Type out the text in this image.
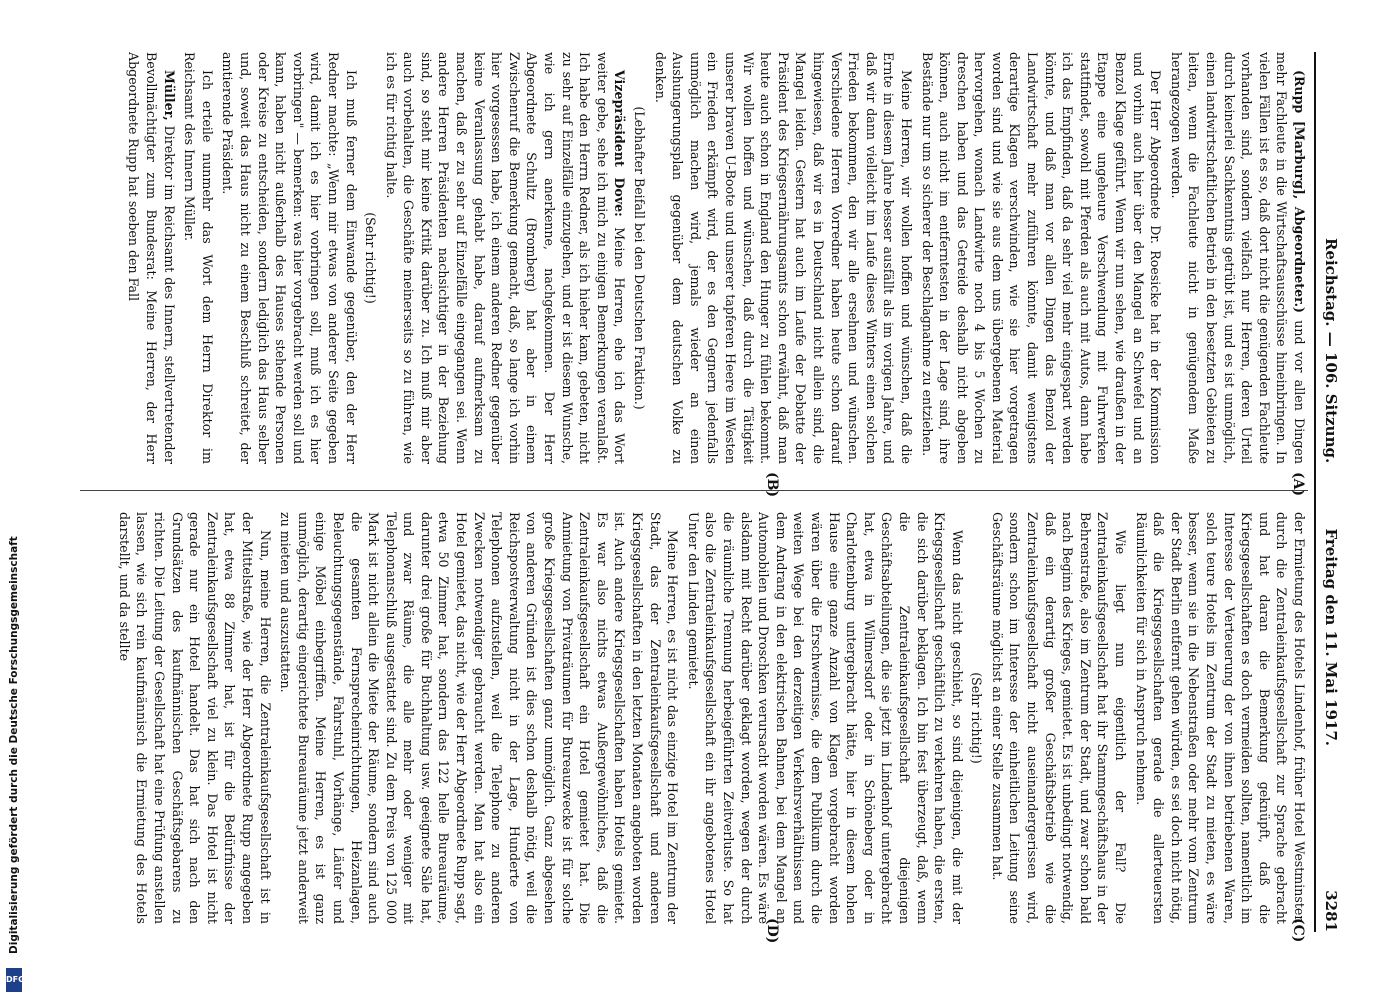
Reichstag. — 106. Sitzung. Freitag den 11. Mai 1917.
3281

(Rupp [Marburg], Abgeordneter.) und vor allen Dingen mehr Fachleute in die Wirtschaftsausschüsse hineinbringen. In vielen Fällen ist es so, daß dort nicht die genügenden Fachleute vorhanden sind, sondern vielfach nur Herren, deren Urteil durch keinerlei Sachkenntnis getrübt ist, und es ist unmöglich, einen landwirtschaftlichen Betrieb in den besetzten Gebieten zu leiten, wenn die Fachleute nicht in genügendem Maße herangezogen werden.

Der Herr Abgeordnete Dr. Roesicke hat in der Kommission und vorhin auch hier über den Mangel an Schwefel und an Benzol Klage geführt. Wenn wir nun sehen, wie draußen in der Etappe eine ungeheure Verschwendung mit Fuhrwerken stattfindet, sowohl mit Pferden als auch mit Autos, dann habe ich das Empfinden, daß da sehr viel mehr eingespart werden könnte, und daß man vor allen Dingen das Benzol der Landwirtschaft mehr zuführen könnte, damit wenigstens derartige Klagen verschwinden, wie sie hier vorgetragen worden sind und wie sie aus dem uns übergebenen Material hervorgehen, wonach Landwirte noch 4 bis 5 Wochen zu dreschen haben und das Getreide deshalb nicht abgeben können, auch nicht im entferntesten in der Lage sind, ihre Bestände nur um so sicherer der Beschlagnahme zu entziehen.

Meine Herren, wir wollen hoffen und wünschen, daß die Ernte in diesem Jahre besser ausfällt als im vorigen Jahre, und daß wir dann vielleicht im Laufe dieses Winters einen solchen Frieden bekommen, den wir alle ersehnen und wünschen. Verschiedene Herren Vorredner haben heute schon darauf hingewiesen, daß wir es in Deutschland nicht allein sind, die Mangel leiden. Gestern hat auch im Laufe der Debatte der Präsident des Kriegsernährungsamts schon erwähnt, daß man heute auch schon in England den Hunger zu fühlen bekommt. Wir wollen hoffen und wünschen, daß durch die Tätigkeit unserer braven U-Boote und unserer tapferen Heere im Westen ein Frieden erkämpft wird, der es den Gegnern jedenfalls unmöglich machen wird, jemals wieder an einen Aushungerungsplan gegenüber dem deutschen Volke zu denken.

(Lebhafter Beifall bei den Deutschen Fraktion.)

Vizepräsident Dove: Meine Herren, ehe ich das Wort weiter gebe, sehe ich mich zu einigen Bemerkungen veranlaßt. Ich habe den Herrn Redner, als ich hieher kam, gebeten, nicht zu sehr auf Einzelfälle einzugehen, und er ist diesem Wunsche, wie ich gern anerkenne, nachgekommen. Der Herr Abgeordnete Schultz (Bromberg) hat aber in einem Zwischenruf die Bemerkung gemacht, daß, so lange ich vorhin hier vorgesessen habe, ich einem anderen Redner gegenüber keine Veranlassung gehabt habe, darauf aufmerksam zu machen, daß er zu sehr auf Einzelfälle eingegangen sei. Wenn andere Herren Präsidenten nachsichtiger in der Beziehung sind, so steht mir keine Kritik darüber zu. Ich muß mir aber auch vorbehalten, die Geschäfte meinerseits so zu führen, wie ich es für richtig halte.

(Sehr richtig!)

Ich muß ferner dem Einwande gegenüber, den der Herr Redner machte: „Wenn mir etwas von anderer Seite gegeben wird, damit ich es hier vorbringen soll, muß ich es hier vorbringen" — bemerken: was hier vorgebracht werden soll und kann, haben nicht außerhalb des Hauses stehende Personen oder Kreise zu entscheiden, sondern lediglich das Haus selber und, soweit das Haus nicht zu einem Beschluß schreitet, der amtierende Präsident.

Ich erteile nunmehr das Wort dem Herrn Direktor im Reichsamt des Innern Müller.

Müller, Direktor im Reichsamt des Innern, stellvertretender Bevollmächtigter zum Bundesrat: Meine Herren, der Herr Abgeordnete Rupp hat soeben den Fall

der Ermietung des Hotels Lindenhof, früher Hotel Westminster, durch die Zentraleinkaufsgesellschaft zur Sprache gebracht und hat daran die Bemerkung geknüpft, daß die Kriegsgesellschaften es doch vermeiden sollten, namentlich im Interesse der Verteuerung der von ihnen betriebenen Waren, solch teure Hotels im Zentrum der Stadt zu mieten, es wäre besser, wenn sie in die Nebenstraßen oder mehr vom Zentrum der Stadt Berlin entfernt gehen würden, es sei doch nicht nötig, daß die Kriegsgesellschaften gerade die allerteuersten Räumlichkeiten für sich in Anspruch nehmen.

Wie liegt nun eigentlich der Fall? Die Zentraleinkaufsgesellschaft hat ihr Stammgeschäftshaus in der Behrenstraße, also im Zentrum der Stadt, und zwar schon bald nach Beginn des Krieges, gemietet. Es ist unbedingt notwendig, daß ein derartig großer Geschäftsbetrieb wie die Zentraleinkaufsgesellschaft nicht auseinandergerissen wird, sondern schon im Interesse der einheitlichen Leitung seine Geschäftsräume möglichst an einer Stelle zusammen hat.

(Sehr richtig!)

Wenn das nicht geschieht, so sind diejenigen, die mit der Kriegsgesellschaft geschäftlich zu verkehren haben, die ersten, die sich darüber beklagen. Ich bin fest überzeugt, daß, wenn die Zentraleinkaufsgesellschaft diejenigen Geschäftsabteilungen, die sie jetzt im Lindenhof untergebracht hat, etwa in Wilmersdorf oder in Schöneberg oder in Charlottenburg untergebracht hätte, hier in diesem hohen Hause eine ganze Anzahl von Klagen vorgebracht worden wären über die Erschwernisse, die dem Publikum durch die weiten Wege bei den derzeitigen Verkehrsverhältnissen und dem Andrang in den elektrischen Bahnen, bei dem Mangel an Automobilen und Droschken verursacht worden wären. Es wäre alsdann mit Recht darüber geklagt worden, wegen der durch die räumliche Trennung herbeigeführten Zeitverluste. So hat also die Zentraleinkaufsgesellschaft ein ihr angebotenes Hotel Unter den Linden gemietet.

Meine Herren, es ist nicht das einzige Hotel im Zentrum der Stadt, das der Zentraleinkaufsgesellschaft und anderen Kriegsgesellschaften in den letzten Monaten angeboten worden ist. Auch andere Kriegsgesellschaften haben Hotels gemietet. Es war also nichts etwas Außergewöhnliches, daß die Zentraleinkaufsgesellschaft ein Hotel gemietet hat. Die Anmietung von Privaträumen für Bureauzwecke ist für solche große Kriegsgesellschaften ganz unmöglich. Ganz abgesehen von anderen Gründen ist dies schon deshalb nötig, weil die Reichspostverwaltung nicht in der Lage, Hunderte von Telephonen aufzustellen, weil die Telephone zu anderen Zwecken notwendiger gebraucht werden. Man hat also ein Hotel gemietet, das nicht, wie der Herr Abgeordnete Rupp sagt, etwa 50 Zimmer hat, sondern das 122 helle Bureauräume, darunter drei große für Buchhaltung usw. geeignete Säle hat, und zwar Räume, die alle mehr oder weniger mit Telephonanschluß ausgestattet sind. Zu dem Preis von 125 000 Mark ist nicht allein die Miete der Räume, sondern sind auch die gesamten Fernsprecheinrichtungen, Heizanlagen, Beleuchtungsgegenstände, Fahrstuhl, Vorhänge, Läufer und einige Möbel einbegriffen. Meine Herren, es ist ganz unmöglich, derartig eingerichtete Bureauräume jetzt anderweit zu mieten und auszustatten.

Nun, meine Herren, die Zentraleinkaufsgesellschaft ist in der Mittelstraße, wie der Herr Abgeordnete Rupp angegeben hat, etwa 88 Zimmer hat, ist für die Bedürfnisse der Zentraleinkaufsgesellschaft viel zu klein. Das Hotel ist nicht gerade nur ein Hotel handelt. Das hat sich nach den Grundsätzen des kaufmännischen Geschäftsgebarens zu richten. Die Leitung der Gesellschaft hat eine Prüfung anstellen lassen, wie sich rein kaufmännisch die Ermietung des Hotels darstellt, und da stellte

(A)
(B)
(C)
(D)
Digitalisierung gefördert durch die Deutsche Forschungsgemeinschaft
DFG
